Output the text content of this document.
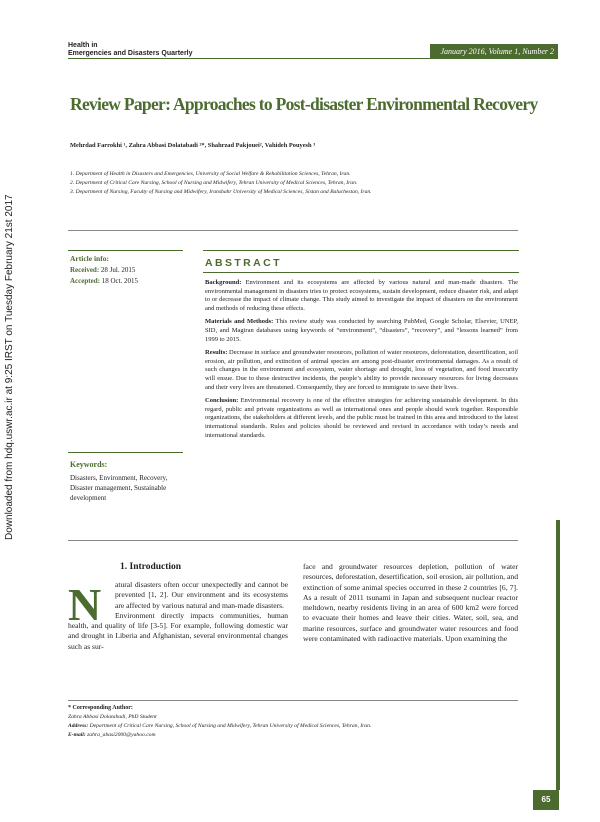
Health in
Emergencies and Disasters Quarterly	January 2016, Volume 1, Number 2
Downloaded from hdq.uswr.ac.ir at 9:25 IRST on Tuesday February 21st 2017
Review Paper: Approaches to Post-disaster Environmental Recovery
Mehrdad Farrokhi ¹, Zahra Abbasi Dolatabadi ²*, Shahrzad Pakjouei², Vahideh Pouyesh ³
1. Department of Health in Disasters and Emergencies, University of Social Welfare & Rehabilitation Sciences, Tehran, Iran.
2. Department of Critical Care Nursing, School of Nursing and Midwifery, Tehran University of Medical Sciences, Tehran, Iran.
3. Department of Nursing, Faculty of Nursing and Midwifery, Iranshahr University of Medical Sciences, Sistan and Baluchestan, Iran.
Article info:
Received: 28 Jul. 2015
Accepted: 18 Oct. 2015
Keywords:
Disasters, Environment, Recovery, Disaster management, Sustainable development
ABSTRACT

Background: Environment and its ecosystems are affected by various natural and man-made disasters. The environmental management in disasters tries to protect ecosystems, sustain development, reduce disaster risk, and adapt to or decrease the impact of climate change. This study aimed to investigate the impact of disasters on the environment and methods of reducing these effects.

Materials and Methods: This review study was conducted by searching PubMed, Google Scholar, Elsevier, UNEP, SID, and Magiran databases using keywords of “environment”, “disasters”, “recovery”, and “lessons learned” from 1999 to 2015.

Results: Decrease in surface and groundwater resources, pollution of water resources, deforestation, desertification, soil erosion, air pollution, and extinction of animal species are among post-disaster environmental damages. As a result of such changes in the environment and ecosystem, water shortage and drought, loss of vegetation, and food insecurity will ensue. Due to these destructive incidents, the people’s ability to provide necessary resources for living decreases and their very lives are threatened. Consequently, they are forced to immigrate to save their lives.

Conclusion: Environmental recovery is one of the effective strategies for achieving sustainable development. In this regard, public and private organizations as well as international ones and people should work together. Responsible organizations, the stakeholders at different levels, and the public must be trained in this area and introduced to the latest international standards. Rules and policies should be reviewed and revised in accordance with today’s needs and international standards.

1. Introduction
N	atural disasters often occur unexpectedly and cannot be prevented [1, 2]. Our environment and its ecosystems are affected by various natural and man-made disasters.
Environment directly impacts communities, human health, and quality of life [3-5]. For example, following domestic war and drought in Liberia and Afghanistan, several environmental changes such as sur-
face and groundwater resources depletion, pollution of water resources, deforestation, desertification, soil erosion, air pollution, and extinction of some animal species occurred in these 2 countries [6, 7]. As a result of 2011 tsunami in Japan and subsequent nuclear reactor meltdown, nearby residents living in an area of 600 km2 were forced to evacuate their homes and leave their cities. Water, soil, sea, and marine resources, surface and groundwater water resources and food were contaminated with radioactive materials. Upon examining the
* Corresponding Author:
Zahra Abbasi Dolatabadi, PhD Student
Address: Department of Critical Care Nursing, School of Nursing and Midwifery, Tehran University of Medical Sciences, Tehran, Iran.
E-mail: zahra_abasi2000@yahoo.com
65
